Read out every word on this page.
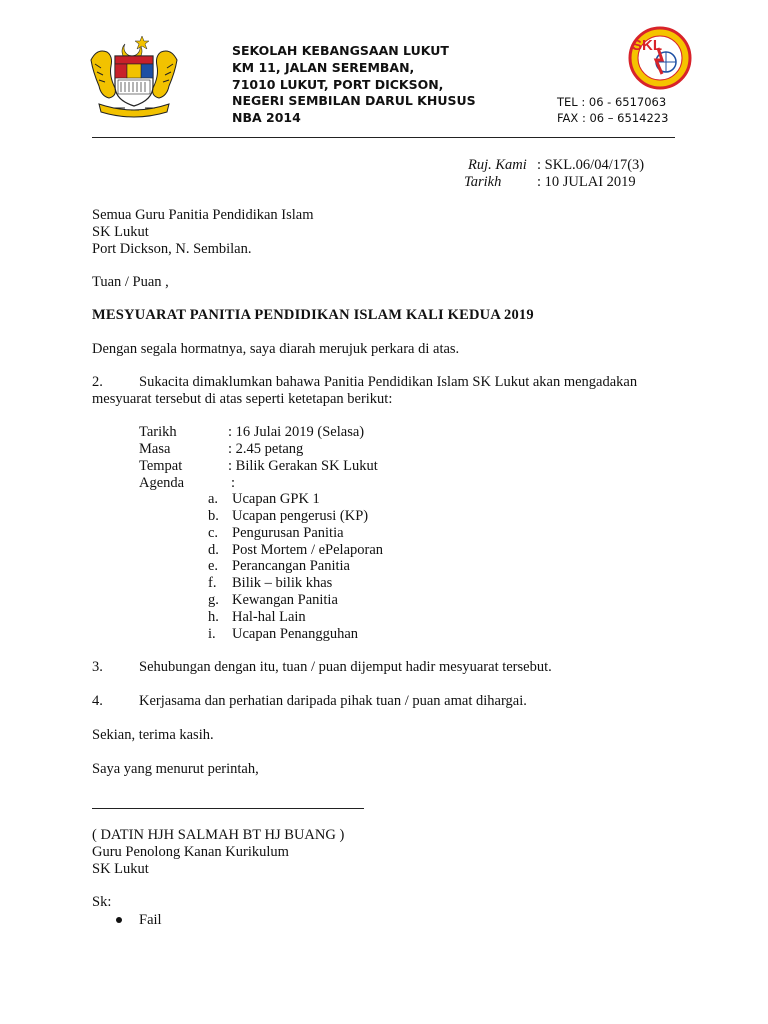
SEKOLAH KEBANGSAAN LUKUT
KM 11, JALAN SEREMBAN,
71010 LUKUT, PORT DICKSON,
NEGERI SEMBILAN DARUL KHUSUS
NBA 2014
TEL : 06 - 6517063
FAX : 06 – 6514223
SKL
Ruj. Kami : SKL.06/04/17(3)
Tarikh : 10 JULAI 2019
Semua Guru Panitia Pendidikan Islam
SK Lukut
Port Dickson, N. Sembilan.
Tuan / Puan ,
MESYUARAT PANITIA PENDIDIKAN ISLAM KALI KEDUA 2019
Dengan segala hormatnya, saya diarah merujuk perkara di atas.
2. Sukacita dimaklumkan bahawa Panitia Pendidikan Islam SK Lukut akan mengadakan
mesyuarat tersebut di atas seperti ketetapan berikut:
Tarikh	: 16 Julai 2019 (Selasa)
Masa	: 2.45 petang
Tempat	: Bilik Gerakan SK Lukut
Agenda	:
a. Ucapan GPK 1
b. Ucapan pengerusi (KP)
c. Pengurusan Panitia
d. Post Mortem / ePelaporan
e. Perancangan Panitia
f. Bilik – bilik khas
g. Kewangan Panitia
h. Hal-hal Lain
i. Ucapan Penangguhan
3. Sehubungan dengan itu, tuan / puan dijemput hadir mesyuarat tersebut.
4. Kerjasama dan perhatian daripada pihak tuan / puan amat dihargai.
Sekian, terima kasih.
Saya yang menurut perintah,
( DATIN HJH SALMAH BT HJ BUANG )
Guru Penolong Kanan Kurikulum
SK Lukut
Sk:
Fail
